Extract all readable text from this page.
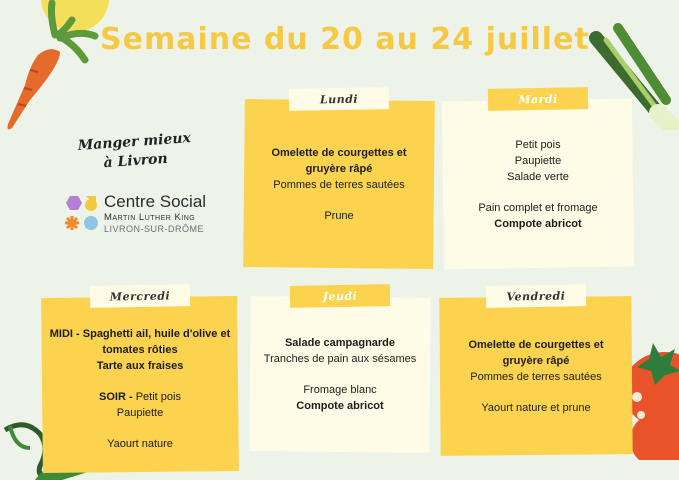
Semaine du 20 au 24 juillet
Manger mieux
à Livron
Centre Social
Martin Luther King
LIVRON-SUR-DRÔME
Lundi
Omelette de courgettes et
gruyère râpé
Pommes de terres sautées
Prune
Mardi
Petit pois
Paupiette
Salade verte
Pain complet et fromage
Compote abricot
Mercredi
MIDI - Spaghetti ail, huile d'olive et
tomates rôties
Tarte aux fraises
SOIR - Petit pois
Paupiette
Yaourt nature
Jeudi
Salade campagnarde
Tranches de pain aux sésames
Fromage blanc
Compote abricot
Vendredi
Omelette de courgettes et
gruyère râpé
Pommes de terres sautées
Yaourt nature et prune
